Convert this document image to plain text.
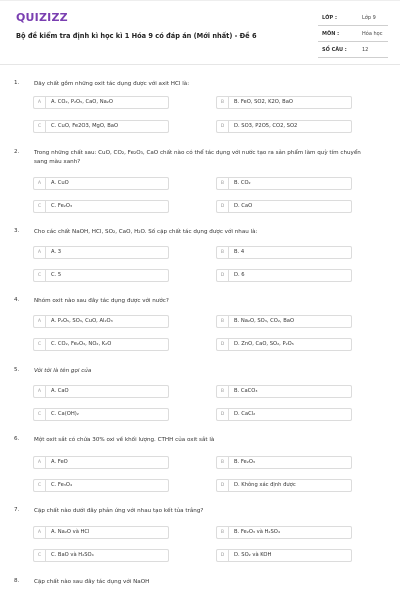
QUIZIZZ
Bộ đề kiểm tra định kì học kì 1 Hóa 9 có đáp án (Mới nhất) - Đề 6
LỚP :	Lớp 9
MÔN :	Hóa học
SỐ CÂU :	12
1.	Dãy chất gồm những oxit tác dụng được với axit HCl là:
A	A. CO₂, P₂O₅, CaO, Na₂O	B	B. FeO, SO2, K2O, BaO
C	C. CuO, Fe2O3, MgO, BaO	D	D. SO3, P2O5, CO2, SO2
2.	Trong những chất sau: CuO, CO₂, Fe₂O₃, CaO chất nào có thể tác dụng với nước tạo ra sản phẩm làm quỳ tím chuyển sang màu xanh?
A	A. CuO	B	B. CO₂
C	C. Fe₂O₃	D	D. CaO
3.	Cho các chất NaOH, HCl, SO₂, CaO, H₂O. Số cặp chất tác dụng được với nhau là:
A	A. 3	B	B. 4
C	C. 5	D	D. 6
4.	Nhóm oxit nào sau đây tác dụng được với nước?
A	A. P₂O₅, SO₃, CuO, Al₂O₃	B	B. Na₂O, SO₃, CO₂, BaO
C	C. CO₂, Fe₂O₃, NO₂, K₂O	D	D. ZnO, CaO, SO₂, P₂O₅
5.	Vôi tôi là tên gọi của
A	A. CaO	B	B. CaCO₃
C	C. Ca(OH)₂	D	D. CaCl₂
6.	Một oxit sắt có chứa 30% oxi về khối lượng. CTHH của oxit sắt là
A	A. FeO	B	B. Fe₂O₃
C	C. Fe₃O₄	D	D. Không xác định được
7.	Cặp chất nào dưới đây phản ứng với nhau tạo kết tủa trắng?
A	A. Na₂O và HCl	B	B. Fe₂O₃ và H₂SO₄
C	C. BaO và H₂SO₄	D	D. SO₂ và KOH
8.	Cặp chất nào sau đây tác dụng với NaOH
